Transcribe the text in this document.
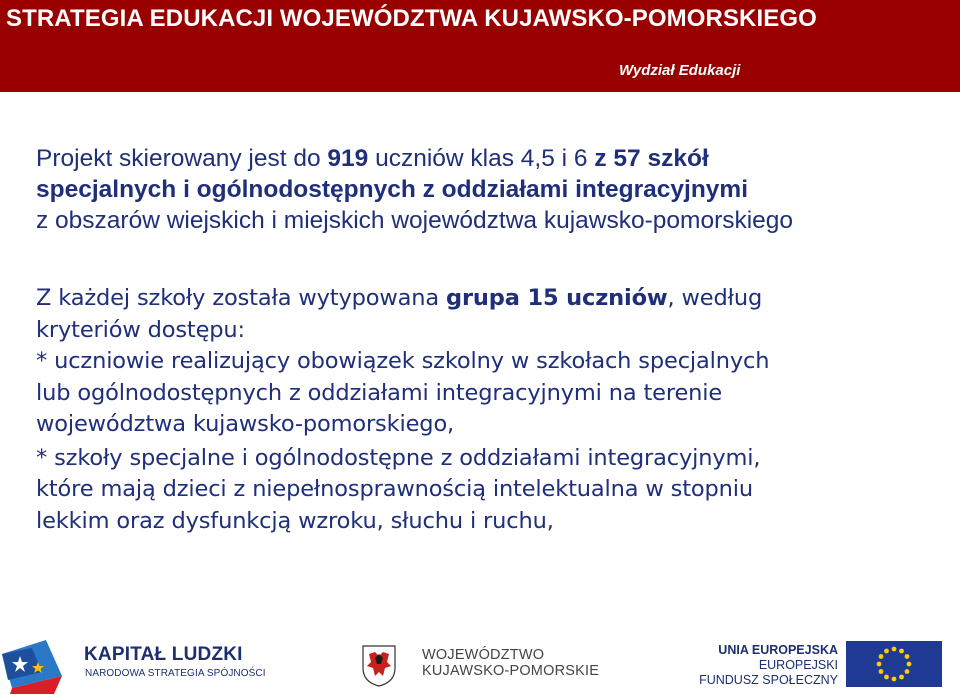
STRATEGIA EDUKACJI WOJEWÓDZTWA KUJAWSKO-POMORSKIEGO
Wydział Edukacji
Projekt skierowany jest do 919 uczniów klas 4,5 i 6 z 57 szkół
specjalnych i ogólnodostępnych z oddziałami integracyjnymi
z obszarów wiejskich i miejskich województwa kujawsko-pomorskiego
Z każdej szkoły została wytypowana grupa 15 uczniów, według
kryteriów dostępu:
* uczniowie realizujący obowiązek szkolny w szkołach specjalnych
lub ogólnodostępnych z oddziałami integracyjnymi na terenie
województwa kujawsko-pomorskiego,
* szkoły specjalne i ogólnodostępne z oddziałami integracyjnymi,
które mają dzieci z niepełnosprawnością intelektualna w stopniu
lekkim oraz dysfunkcją wzroku, słuchu i ruchu,
KAPITAŁ LUDZKI
NARODOWA STRATEGIA SPÓJNOŚCI
WOJEWÓDZTWO
KUJAWSKO-POMORSKIE
UNIA EUROPEJSKA
EUROPEJSKI
FUNDUSZ SPOŁECZNY
